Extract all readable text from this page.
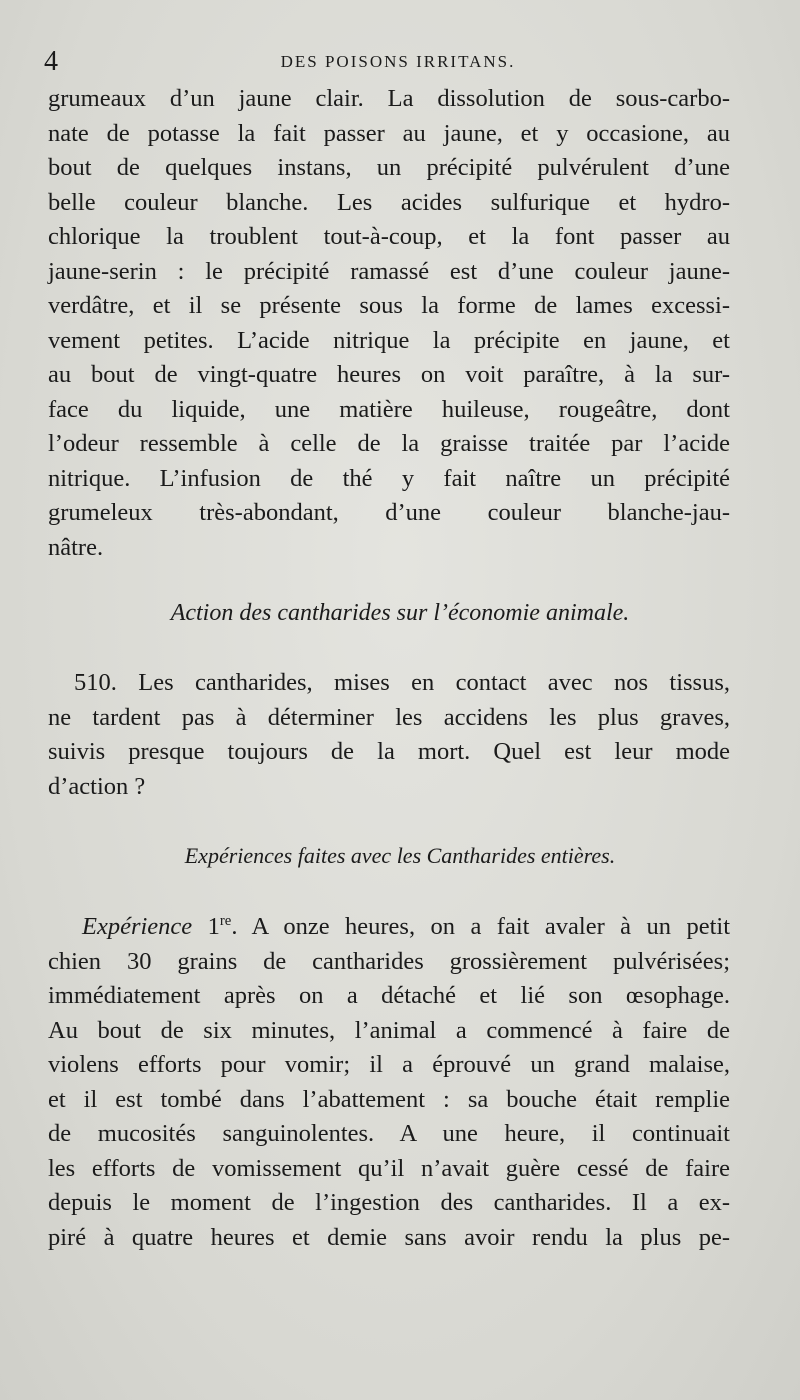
4	DES POISONS IRRITANS.
grumeaux d’un jaune clair. La dissolution de sous-carbo-
nate de potasse la fait passer au jaune, et y occasione, au
bout de quelques instans, un précipité pulvérulent d’une
belle couleur blanche. Les acides sulfurique et hydro-
chlorique la troublent tout-à-coup, et la font passer au
jaune-serin : le précipité ramassé est d’une couleur jaune-
verdâtre, et il se présente sous la forme de lames excessi-
vement petites. L’acide nitrique la précipite en jaune, et
au bout de vingt-quatre heures on voit paraître, à la sur-
face du liquide, une matière huileuse, rougeâtre, dont
l’odeur ressemble à celle de la graisse traitée par l’acide
nitrique. L’infusion de thé y fait naître un précipité
grumeleux très-abondant, d’une couleur blanche-jau-
nâtre.
Action des cantharides sur l’économie animale.
510. Les cantharides, mises en contact avec nos tissus,
ne tardent pas à déterminer les accidens les plus graves,
suivis presque toujours de la mort. Quel est leur mode
d’action ?
Expériences faites avec les Cantharides entières.
Expérience 1re. A onze heures, on a fait avaler à un petit
chien 30 grains de cantharides grossièrement pulvérisées;
immédiatement après on a détaché et lié son œsophage.
Au bout de six minutes, l’animal a commencé à faire de
violens efforts pour vomir; il a éprouvé un grand malaise,
et il est tombé dans l’abattement : sa bouche était remplie
de mucosités sanguinolentes. A une heure, il continuait
les efforts de vomissement qu’il n’avait guère cessé de faire
depuis le moment de l’ingestion des cantharides. Il a ex-
piré à quatre heures et demie sans avoir rendu la plus pe-
